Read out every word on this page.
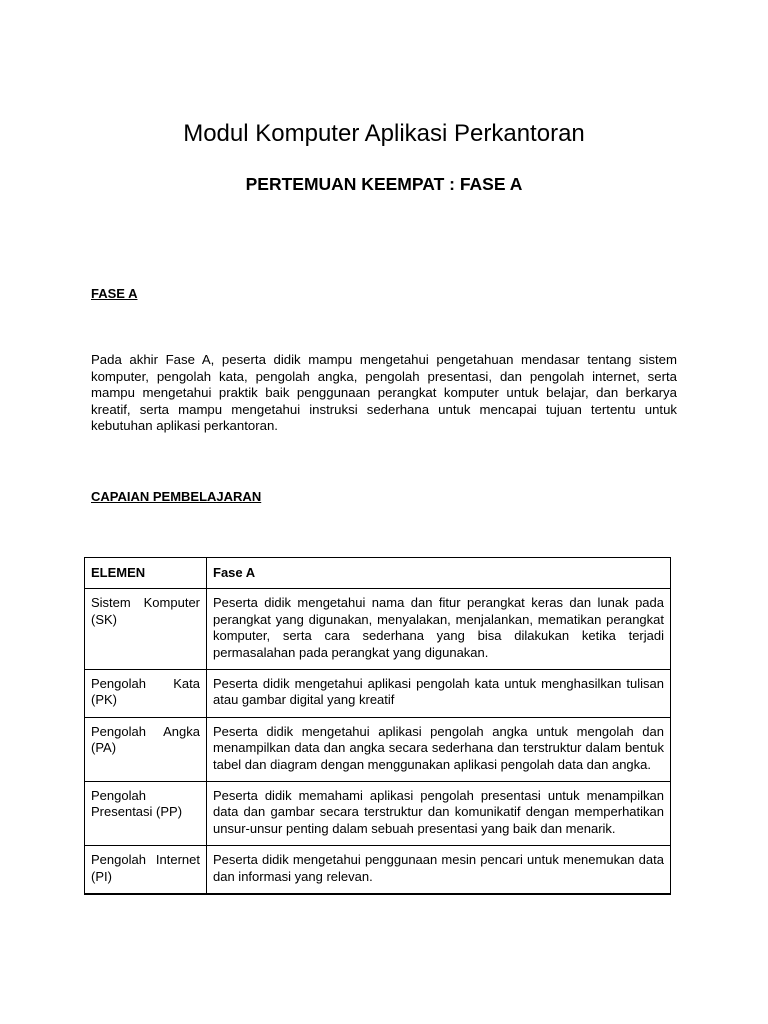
Modul Komputer Aplikasi Perkantoran
PERTEMUAN KEEMPAT : FASE A
FASE A

Pada akhir Fase A, peserta didik mampu mengetahui pengetahuan mendasar tentang sistem komputer, pengolah kata, pengolah angka, pengolah presentasi, dan pengolah internet, serta mampu mengetahui praktik baik penggunaan perangkat komputer untuk belajar, dan berkarya kreatif, serta mampu mengetahui instruksi sederhana untuk mencapai tujuan tertentu untuk kebutuhan aplikasi perkantoran.

CAPAIAN PEMBELAJARAN
ELEMEN	Fase A
Sistem Komputer (SK)	Peserta didik mengetahui nama dan fitur perangkat keras dan lunak pada perangkat yang digunakan, menyalakan, menjalankan, mematikan perangkat komputer, serta cara sederhana yang bisa dilakukan ketika terjadi permasalahan pada perangkat yang digunakan.
Pengolah Kata (PK)	Peserta didik mengetahui aplikasi pengolah kata untuk menghasilkan tulisan atau gambar digital yang kreatif
Pengolah Angka (PA)	Peserta didik mengetahui aplikasi pengolah angka untuk mengolah dan menampilkan data dan angka secara sederhana dan terstruktur dalam bentuk tabel dan diagram dengan menggunakan aplikasi pengolah data dan angka.
Pengolah Presentasi (PP)	Peserta didik memahami aplikasi pengolah presentasi untuk menampilkan data dan gambar secara terstruktur dan komunikatif dengan memperhatikan unsur-unsur penting dalam sebuah presentasi yang baik dan menarik.
Pengolah Internet (PI)	Peserta didik mengetahui penggunaan mesin pencari untuk menemukan data dan informasi yang relevan.
